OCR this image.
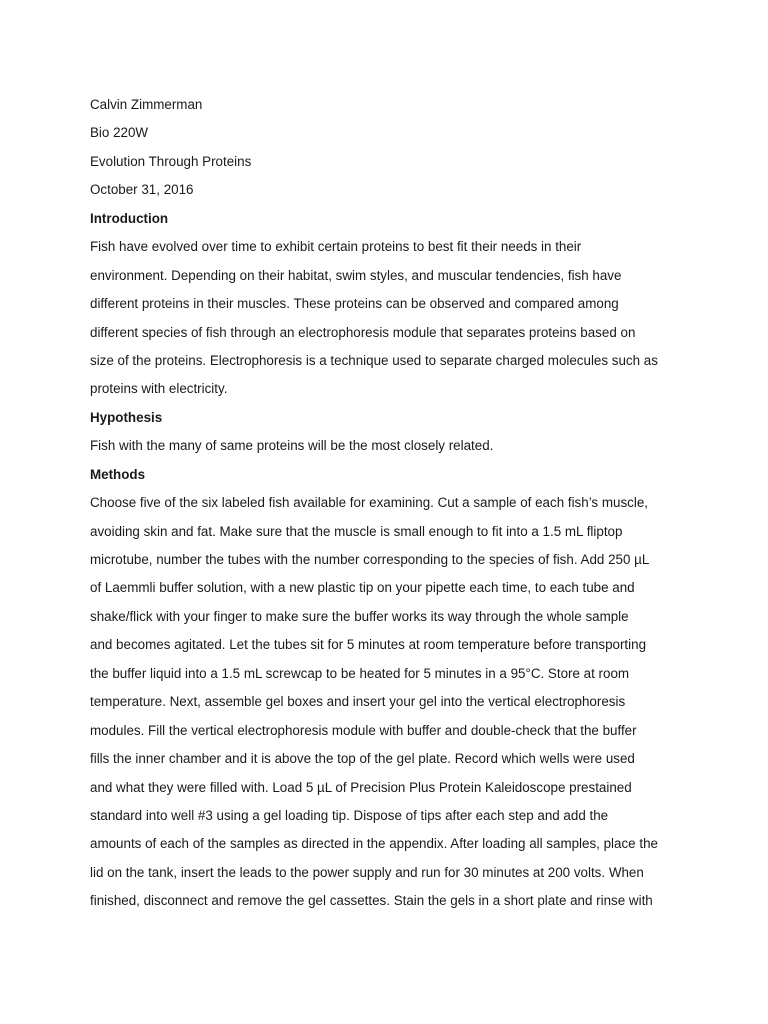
Calvin Zimmerman
Bio 220W
Evolution Through Proteins
October 31, 2016
Introduction
Fish have evolved over time to exhibit certain proteins to best fit their needs in their
environment. Depending on their habitat, swim styles, and muscular tendencies, fish have
different proteins in their muscles. These proteins can be observed and compared among
different species of fish through an electrophoresis module that separates proteins based on
size of the proteins. Electrophoresis is a technique used to separate charged molecules such as
proteins with electricity.
Hypothesis
Fish with the many of same proteins will be the most closely related.
Methods
Choose five of the six labeled fish available for examining. Cut a sample of each fish’s muscle,
avoiding skin and fat. Make sure that the muscle is small enough to fit into a 1.5 mL fliptop
microtube, number the tubes with the number corresponding to the species of fish. Add 250 µL
of Laemmli buffer solution, with a new plastic tip on your pipette each time, to each tube and
shake/flick with your finger to make sure the buffer works its way through the whole sample
and becomes agitated. Let the tubes sit for 5 minutes at room temperature before transporting
the buffer liquid into a 1.5 mL screwcap to be heated for 5 minutes in a 95°C. Store at room
temperature. Next, assemble gel boxes and insert your gel into the vertical electrophoresis
modules. Fill the vertical electrophoresis module with buffer and double-check that the buffer
fills the inner chamber and it is above the top of the gel plate. Record which wells were used
and what they were filled with. Load 5 µL of Precision Plus Protein Kaleidoscope prestained
standard into well #3 using a gel loading tip. Dispose of tips after each step and add the
amounts of each of the samples as directed in the appendix. After loading all samples, place the
lid on the tank, insert the leads to the power supply and run for 30 minutes at 200 volts. When
finished, disconnect and remove the gel cassettes. Stain the gels in a short plate and rinse with
